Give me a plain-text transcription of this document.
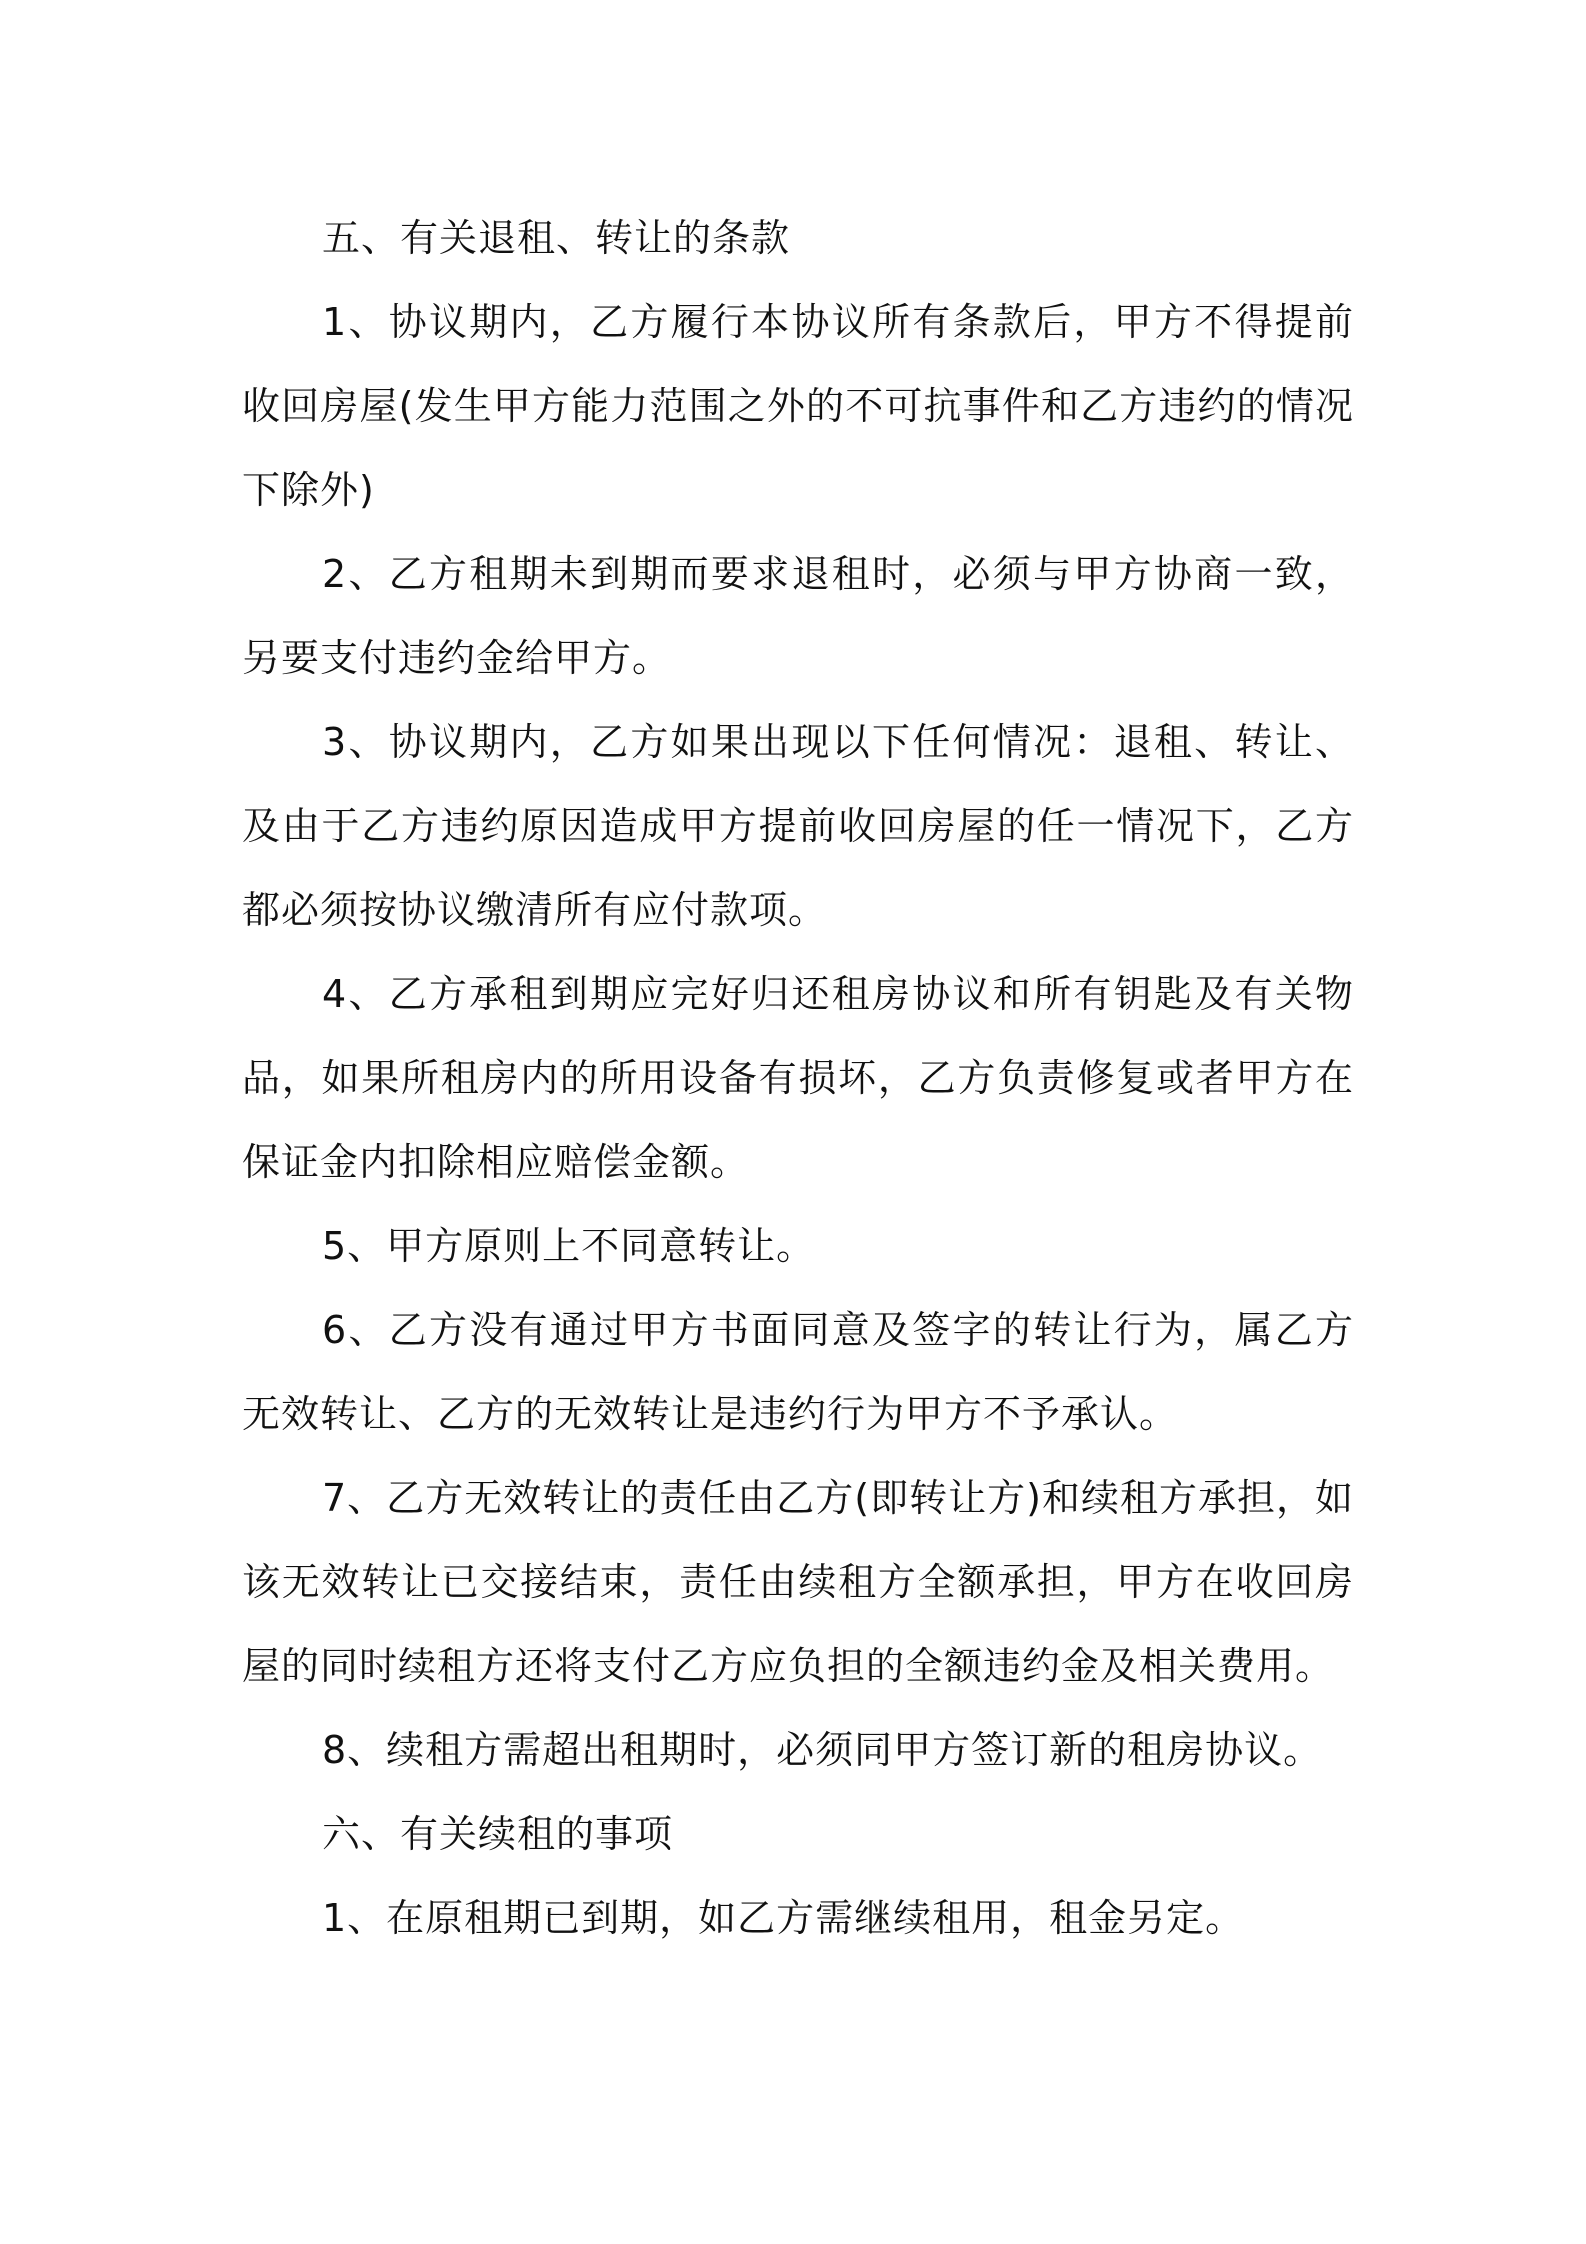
五、有关退租、转让的条款

1、协议期内，乙方履行本协议所有条款后，甲方不得提前收回房屋(发生甲方能力范围之外的不可抗事件和乙方违约的情况下除外)

2、乙方租期未到期而要求退租时，必须与甲方协商一致，另要支付违约金给甲方。

3、协议期内，乙方如果出现以下任何情况：退租、转让、及由于乙方违约原因造成甲方提前收回房屋的任一情况下，乙方都必须按协议缴清所有应付款项。

4、乙方承租到期应完好归还租房协议和所有钥匙及有关物品，如果所租房内的所用设备有损坏，乙方负责修复或者甲方在保证金内扣除相应赔偿金额。

5、甲方原则上不同意转让。

6、乙方没有通过甲方书面同意及签字的转让行为，属乙方无效转让、乙方的无效转让是违约行为甲方不予承认。

7、乙方无效转让的责任由乙方(即转让方)和续租方承担，如该无效转让已交接结束，责任由续租方全额承担，甲方在收回房屋的同时续租方还将支付乙方应负担的全额违约金及相关费用。

8、续租方需超出租期时，必须同甲方签订新的租房协议。

六、有关续租的事项

1、在原租期已到期，如乙方需继续租用，租金另定。
